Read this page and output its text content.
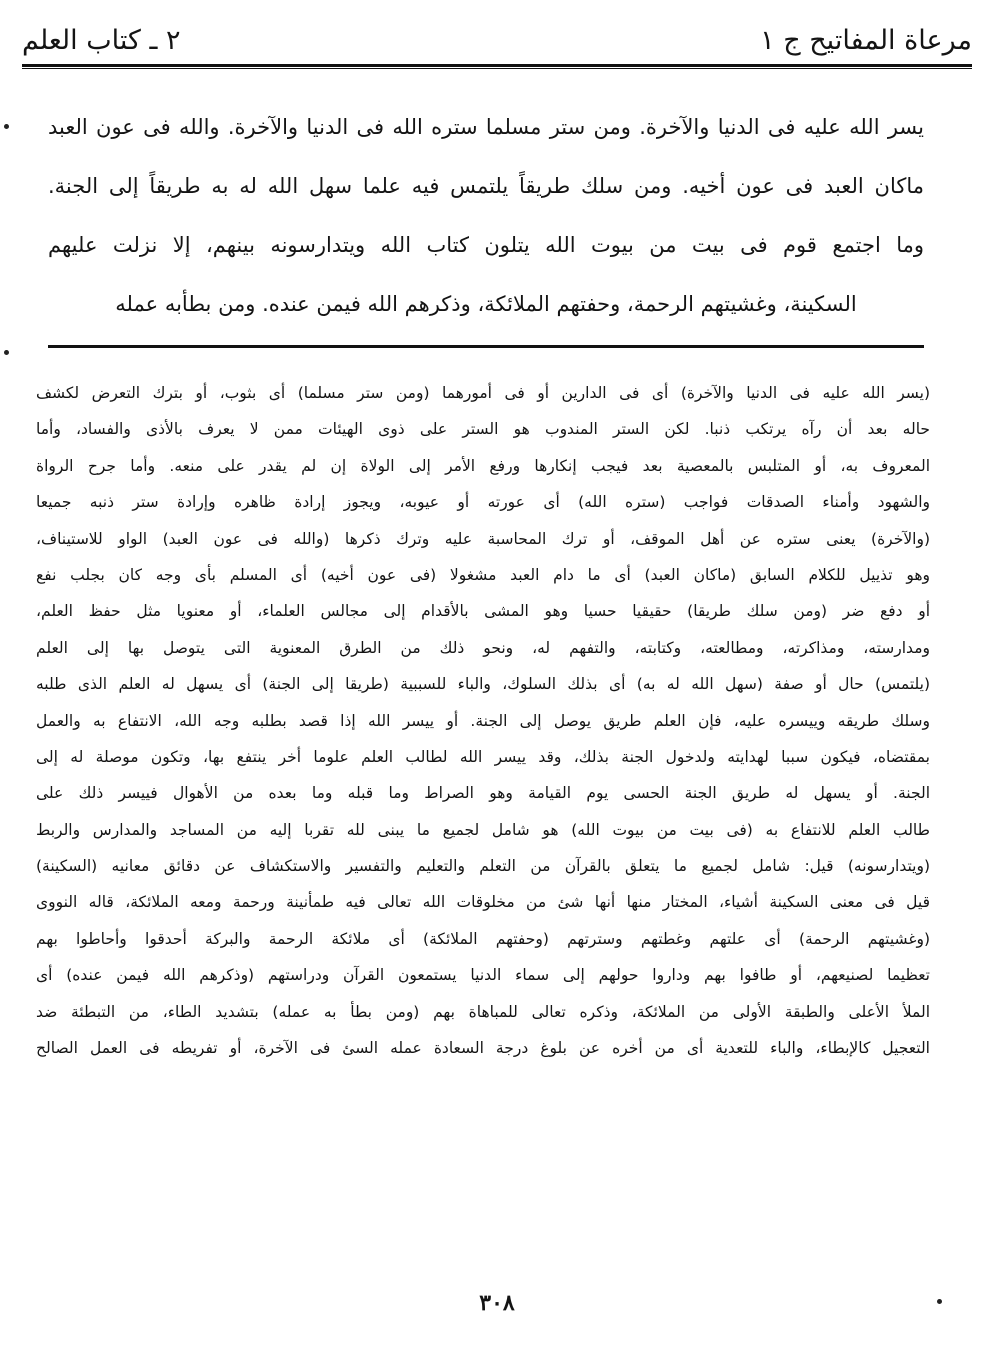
مرعاة المفاتيح ج ١
٢ ـ كتاب العلم
يسر الله عليه فى الدنيا والآخرة. ومن ستر مسلما ستره الله فى الدنيا والآخرة. والله فى عون العبد
ماكان العبد فى عون أخيه. ومن سلك طريقاً يلتمس فيه علما سهل الله له به طريقاً إلى الجنة.
وما اجتمع قوم فى بيت من بيوت الله يتلون كتاب الله ويتدارسونه بينهم، إلا نزلت عليهم
السكينة، وغشيتهم الرحمة، وحفتهم الملائكة، وذكرهم الله فيمن عنده. ومن بطأبه عمله
(يسر الله عليه فى الدنيا والآخرة) أى فى الدارين أو فى أمورهما (ومن ستر مسلما) أى بثوب، أو بترك التعرض لكشف
حاله بعد أن رآه يرتكب ذنبا. لكن الستر المندوب هو الستر على ذوى الهيئات ممن لا يعرف بالأذى والفساد، وأما
المعروف به، أو المتلبس بالمعصية بعد فيجب إنكارها ورفع الأمر إلى الولاة إن لم يقدر على منعه. وأما جرح الرواة
والشهود وأمناء الصدقات فواجب (ستره الله) أى عورته أو عيوبه، ويجوز إرادة ظاهره وإرادة ستر ذنبه جميعا
(والآخرة) يعنى ستره عن أهل الموقف، أو ترك المحاسبة عليه وترك ذكرها (والله فى عون العبد) الواو للاستيناف،
وهو تذييل للكلام السابق (ماكان العبد) أى ما دام العبد مشغولا (فى عون أخيه) أى المسلم بأى وجه كان بجلب نفع
أو دفع ضر (ومن سلك طريقا) حقيقيا حسيا وهو المشى بالأقدام إلى مجالس العلماء، أو معنويا مثل حفظ العلم،
ومدارسته، ومذاكرته، ومطالعته، وكتابته، والتفهم له، ونحو ذلك من الطرق المعنوية التى يتوصل بها إلى العلم
(يلتمس) حال أو صفة (سهل الله له به) أى بذلك السلوك، والباء للسببية (طريقا إلى الجنة) أى يسهل له العلم الذى طلبه
وسلك طريقه وييسره عليه، فإن العلم طريق يوصل إلى الجنة. أو ييسر الله إذا قصد بطلبه وجه الله، الانتفاع به والعمل
بمقتضاه، فيكون سببا لهدايته ولدخول الجنة بذلك، وقد ييسر الله لطالب العلم علوما أخر ينتفع بها، وتكون موصلة له إلى
الجنة. أو يسهل له طريق الجنة الحسى يوم القيامة وهو الصراط وما قبله وما بعده من الأهوال فييسر ذلك على
طالب العلم للانتفاع به (فى بيت من بيوت الله) هو شامل لجميع ما يبنى لله تقربا إليه من المساجد والمدارس والربط
(ويتدارسونه) قيل: شامل لجميع ما يتعلق بالقرآن من التعلم والتعليم والتفسير والاستكشاف عن دقائق معانيه (السكينة)
قيل فى معنى السكينة أشياء، المختار منها أنها شئ من مخلوقات الله تعالى فيه طمأنينة ورحمة ومعه الملائكة، قاله النووى
(وغشيتهم الرحمة) أى علتهم وغطتهم وسترتهم (وحفتهم الملائكة) أى ملائكة الرحمة والبركة أحدقوا وأحاطوا بهم
تعظيما لصنيعهم، أو طافوا بهم وداروا حولهم إلى سماء الدنيا يستمعون القرآن ودراستهم (وذكرهم الله فيمن عنده) أى
الملأ الأعلى والطبقة الأولى من الملائكة، وذكره تعالى للمباهاة بهم (ومن بطأ به عمله) بتشديد الطاء، من التبطئة ضد
التعجيل كالإبطاء، والباء للتعدية أى من أخره عن بلوغ درجة السعادة عمله السئ فى الآخرة، أو تفريطه فى العمل الصالح
٣٠٨
